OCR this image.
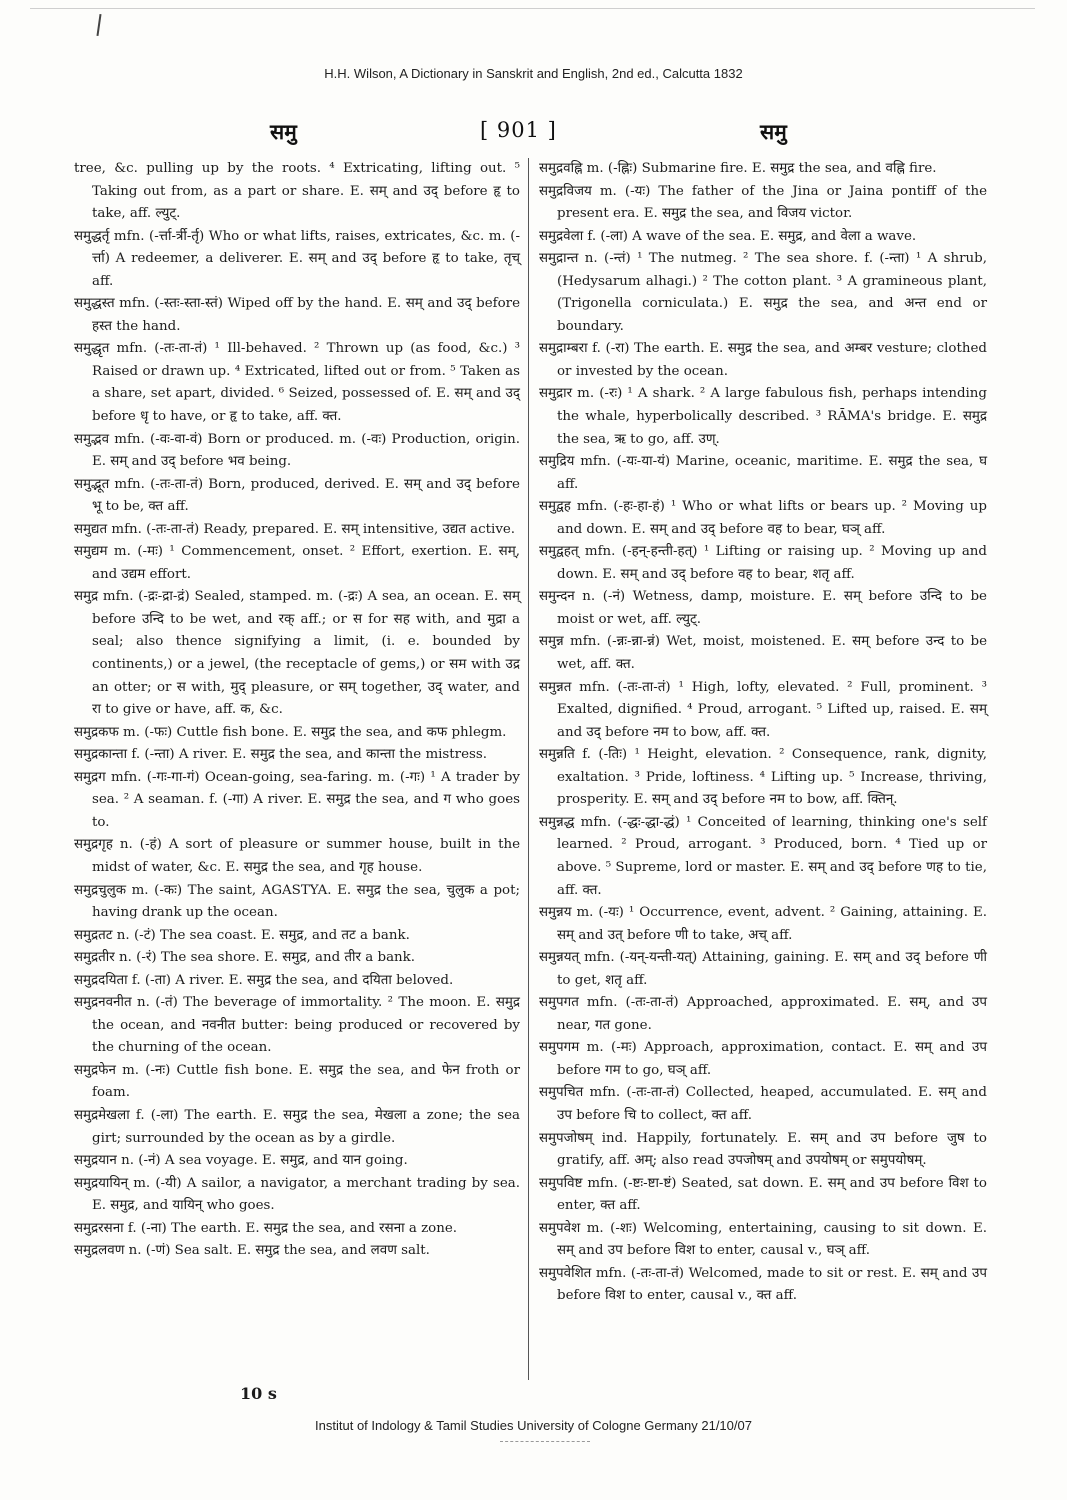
H.H. Wilson, A Dictionary in Sanskrit and English, 2nd ed., Calcutta 1832
समु	[ 901 ]	समु

tree, &c. pulling up by the roots. ⁴ Extricating, lifting out. ⁵ Taking out from, as a part or share. E. सम् and उद् before हृ to take, aff. ल्युट्.

समुद्धर्तृ mfn. (-र्त्ता-र्त्री-र्तृ) Who or what lifts, raises, extricates, &c. m. (-र्त्ता) A redeemer, a deliverer. E. सम् and उद् before हृ to take, तृच् aff.

समुद्धस्त mfn. (-स्तः-स्ता-स्तं) Wiped off by the hand. E. सम् and उद् before हस्त the hand.

समुद्धृत mfn. (-तः-ता-तं) ¹ Ill-behaved. ² Thrown up (as food, &c.) ³ Raised or drawn up. ⁴ Extricated, lifted out or from. ⁵ Taken as a share, set apart, divided. ⁶ Seized, possessed of. E. सम् and उद् before धृ to have, or हृ to take, aff. क्त.

समुद्भव mfn. (-वः-वा-वं) Born or produced. m. (-वः) Production, origin. E. सम् and उद् before भव being.

समुद्भूत mfn. (-तः-ता-तं) Born, produced, derived. E. सम् and उद् before भू to be, क्त aff.

समुद्यत mfn. (-तः-ता-तं) Ready, prepared. E. सम् intensitive, उद्यत active.

समुद्यम m. (-मः) ¹ Commencement, onset. ² Effort, exertion. E. सम्, and उद्यम effort.

समुद्र mfn. (-द्रः-द्रा-द्रं) Sealed, stamped. m. (-द्रः) A sea, an ocean. E. सम् before उन्दि to be wet, and रक् aff.; or स for सह with, and मुद्रा a seal; also thence signifying a limit, (i. e. bounded by continents,) or a jewel, (the receptacle of gems,) or सम with उद्र an otter; or स with, मुद् pleasure, or सम् together, उद् water, and रा to give or have, aff. क, &c.

समुद्रकफ m. (-फः) Cuttle fish bone. E. समुद्र the sea, and कफ phlegm.

समुद्रकान्ता f. (-न्ता) A river. E. समुद्र the sea, and कान्ता the mistress.

समुद्रग mfn. (-गः-गा-गं) Ocean-going, sea-faring. m. (-गः) ¹ A trader by sea. ² A seaman. f. (-गा) A river. E. समुद्र the sea, and ग who goes to.

समुद्रगृह n. (-हं) A sort of pleasure or summer house, built in the midst of water, &c. E. समुद्र the sea, and गृह house.

समुद्रचुलुक m. (-कः) The saint, AGASTYA. E. समुद्र the sea, चुलुक a pot; having drank up the ocean.

समुद्रतट n. (-टं) The sea coast. E. समुद्र, and तट a bank.

समुद्रतीर n. (-रं) The sea shore. E. समुद्र, and तीर a bank.

समुद्रदयिता f. (-ता) A river. E. समुद्र the sea, and दयिता beloved.

समुद्रनवनीत n. (-तं) The beverage of immortality. ² The moon. E. समुद्र the ocean, and नवनीत butter: being produced or recovered by the churning of the ocean.

समुद्रफेन m. (-नः) Cuttle fish bone. E. समुद्र the sea, and फेन froth or foam.

समुद्रमेखला f. (-ला) The earth. E. समुद्र the sea, मेखला a zone; the sea girt; surrounded by the ocean as by a girdle.

समुद्रयान n. (-नं) A sea voyage. E. समुद्र, and यान going.

समुद्रयायिन् m. (-यी) A sailor, a navigator, a merchant trading by sea. E. समुद्र, and यायिन् who goes.

समुद्ररसना f. (-ना) The earth. E. समुद्र the sea, and रसना a zone.

समुद्रलवण n. (-णं) Sea salt. E. समुद्र the sea, and लवण salt.

समुद्रवह्नि m. (-ह्निः) Submarine fire. E. समुद्र the sea, and वह्नि fire.

समुद्रविजय m. (-यः) The father of the Jina or Jaina pontiff of the present era. E. समुद्र the sea, and विजय victor.

समुद्रवेला f. (-ला) A wave of the sea. E. समुद्र, and वेला a wave.

समुद्रान्त n. (-न्तं) ¹ The nutmeg. ² The sea shore. f. (-न्ता) ¹ A shrub, (Hedysarum alhagi.) ² The cotton plant. ³ A gramineous plant, (Trigonella corniculata.) E. समुद्र the sea, and अन्त end or boundary.

समुद्राम्बरा f. (-रा) The earth. E. समुद्र the sea, and अम्बर vesture; clothed or invested by the ocean.

समुद्रार m. (-रः) ¹ A shark. ² A large fabulous fish, perhaps intending the whale, hyperbolically described. ³ RĀMA's bridge. E. समुद्र the sea, ऋ to go, aff. उण्.

समुद्रिय mfn. (-यः-या-यं) Marine, oceanic, maritime. E. समुद्र the sea, घ aff.

समुद्वह mfn. (-हः-हा-हं) ¹ Who or what lifts or bears up. ² Moving up and down. E. सम् and उद् before वह to bear, घञ् aff.

समुद्वहत् mfn. (-हन्-हन्ती-हत्) ¹ Lifting or raising up. ² Moving up and down. E. सम् and उद् before वह to bear, शतृ aff.

समुन्दन n. (-नं) Wetness, damp, moisture. E. सम् before उन्दि to be moist or wet, aff. ल्युट्.

समुन्न mfn. (-न्नः-न्ना-न्नं) Wet, moist, moistened. E. सम् before उन्द to be wet, aff. क्त.

समुन्नत mfn. (-तः-ता-तं) ¹ High, lofty, elevated. ² Full, prominent. ³ Exalted, dignified. ⁴ Proud, arrogant. ⁵ Lifted up, raised. E. सम् and उद् before नम to bow, aff. क्त.

समुन्नति f. (-तिः) ¹ Height, elevation. ² Consequence, rank, dignity, exaltation. ³ Pride, loftiness. ⁴ Lifting up. ⁵ Increase, thriving, prosperity. E. सम् and उद् before नम to bow, aff. क्तिन्.

समुन्नद्ध mfn. (-द्धः-द्धा-द्धं) ¹ Conceited of learning, thinking one's self learned. ² Proud, arrogant. ³ Produced, born. ⁴ Tied up or above. ⁵ Supreme, lord or master. E. सम् and उद् before णह to tie, aff. क्त.

समुन्नय m. (-यः) ¹ Occurrence, event, advent. ² Gaining, attaining. E. सम् and उत् before णी to take, अच् aff.

समुन्नयत् mfn. (-यन्-यन्ती-यत्) Attaining, gaining. E. सम् and उद् before णी to get, शतृ aff.

समुपगत mfn. (-तः-ता-तं) Approached, approximated. E. सम्, and उप near, गत gone.

समुपगम m. (-मः) Approach, approximation, contact. E. सम् and उप before गम to go, घञ् aff.

समुपचित mfn. (-तः-ता-तं) Collected, heaped, accumulated. E. सम् and उप before चि to collect, क्त aff.

समुपजोषम् ind. Happily, fortunately. E. सम् and उप before जुष to gratify, aff. अम्; also read उपजोषम् and उपयोषम् or समुपयोषम्.

समुपविष्ट mfn. (-ष्टः-ष्टा-ष्टं) Seated, sat down. E. सम् and उप before विश to enter, क्त aff.

समुपवेश m. (-शः) Welcoming, entertaining, causing to sit down. E. सम् and उप before विश to enter, causal v., घञ् aff.

समुपवेशित mfn. (-तः-ता-तं) Welcomed, made to sit or rest. E. सम् and उप before विश to enter, causal v., क्त aff.

10 s
Institut of Indology & Tamil Studies University of Cologne Germany 21/10/07
